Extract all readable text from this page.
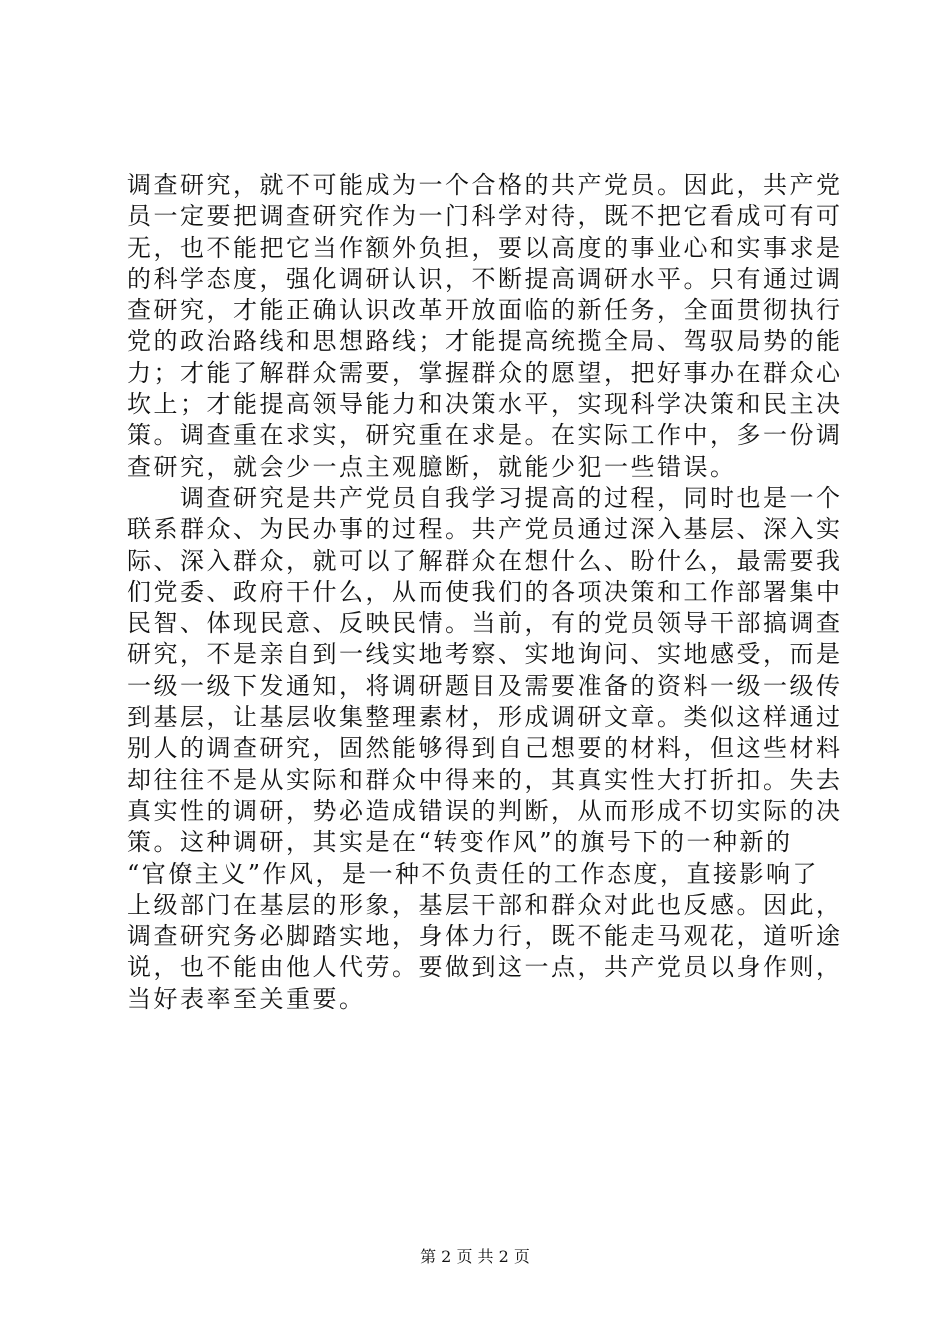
调查研究，就不可能成为一个合格的共产党员。因此，共产党
员一定要把调查研究作为一门科学对待，既不把它看成可有可
无，也不能把它当作额外负担，要以高度的事业心和实事求是
的科学态度，强化调研认识，不断提高调研水平。只有通过调
查研究，才能正确认识改革开放面临的新任务，全面贯彻执行
党的政治路线和思想路线；才能提高统揽全局、驾驭局势的能
力；才能了解群众需要，掌握群众的愿望，把好事办在群众心
坎上；才能提高领导能力和决策水平，实现科学决策和民主决
策。调查重在求实，研究重在求是。在实际工作中，多一份调
查研究，就会少一点主观臆断，就能少犯一些错误。
　　调查研究是共产党员自我学习提高的过程，同时也是一个
联系群众、为民办事的过程。共产党员通过深入基层、深入实
际、深入群众，就可以了解群众在想什么、盼什么，最需要我
们党委、政府干什么，从而使我们的各项决策和工作部署集中
民智、体现民意、反映民情。当前，有的党员领导干部搞调查
研究，不是亲自到一线实地考察、实地询问、实地感受，而是
一级一级下发通知，将调研题目及需要准备的资料一级一级传
到基层，让基层收集整理素材，形成调研文章。类似这样通过
别人的调查研究，固然能够得到自己想要的材料，但这些材料
却往往不是从实际和群众中得来的，其真实性大打折扣。失去
真实性的调研，势必造成错误的判断，从而形成不切实际的决
策。这种调研，其实是在“转变作风”的旗号下的一种新的
“官僚主义”作风，是一种不负责任的工作态度，直接影响了
上级部门在基层的形象，基层干部和群众对此也反感。因此，
调查研究务必脚踏实地，身体力行，既不能走马观花，道听途
说，也不能由他人代劳。要做到这一点，共产党员以身作则，
当好表率至关重要。
第 2 页 共 2 页
